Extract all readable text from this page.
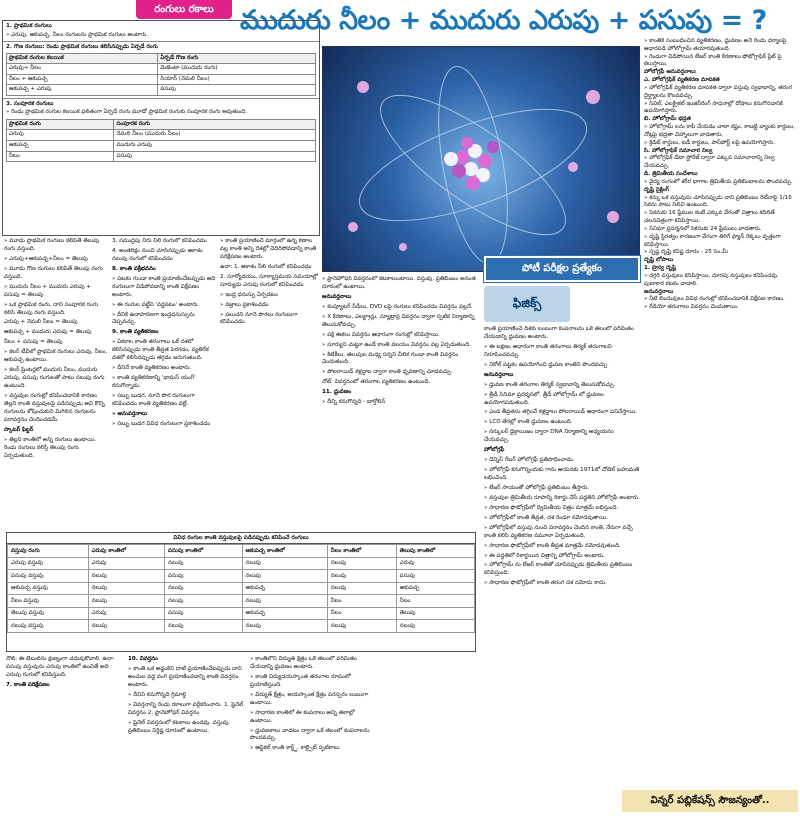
రంగులు రకాలు ముదురు నీలం + ముదురు ఎరుపు + పసుపు = ?
1. ప్రాథమిక రంగులు
» ఎరుపు, ఆకుపచ్చ, నీలం రంగులను ప్రాథమిక రంగులు అంటారు.
2. గౌణ రంగులు: రెండు ప్రాథమిక రంగులు కలిసినప్పుడు ఏర్పడే రంగు
ప్రాథమిక రంగుల కలయిక	ఏర్పడే గౌణ రంగు
ఎరుపు+ నీలం	మెజెంటా (ముదురు రంగు)
నీలం + ఆకుపచ్చ	సియాన్ (నెమలి నీలం)
ఆకుపచ్చ + ఎరుపు	పసుపు
3. సంపూరక రంగులు
» రెండు ప్రాథమిక రంగుల కలయిక ఫలితంగా ఏర్పడే రంగు మూడో ప్రాథమిక రంగుకు సంపూరక రంగు అవుతుంది.
ప్రాథమిక రంగు	సంపూరక రంగు
ఎరుపు	నెమలి నీలం (ముదురు నీలం)
ఆకుపచ్చ	ముదురు ఎరుపు
నీలం	పసుపు
పోటీ పరీక్షల ప్రత్యేకం
ఫిజిక్స్

» మూడు ప్రాథమిక రంగులు కలిపితే తెలుపు రంగు వస్తుంది.

» ఎరుపు+ఆకుపచ్చ+నీలం = తెలుపు

» మూడు గౌణ రంగులు కలిపితే తెలుపు రంగు వస్తుంది.

» ముదురు నీలం + ముదురు ఎరుపు + పసుపు = తెలుపు

» ఒక ప్రాథమిక రంగు, దాని సంపూరక రంగు కలిసి తెలుపు రంగు వస్తుంది.

ఎరుపు + నెమలి నీలం = తెలుపు

ఆకుపచ్చ + ముదురు ఎరుపు = తెలుపు

నీలం + పసుపు = తెలుపు

» కలర్ టీవీలో ప్రాథమిక రంగులు ఎరుపు, నీలం, ఆకుపచ్చ ఉంటాయి.

» కలర్ ప్రింటర్లలో ముదురు నీలం, ముదురు ఎరుపు, పసుపు రంగులతో పాటు నలుపు రంగు ఉంటుంది.

» వస్తువుల రంగుల్లో కనిపించడానికి కారణం తెల్లని కాంతి వస్తువులపై పడినప్పుడు అవి కొన్ని రంగులను శోషించుకుని మిగిలిన రంగులను పరావర్తనం చెందించడమే.

స్కాటర్ ఫిల్టర్

» తెల్లని కాంతిలో అన్ని రంగులు ఉంటాయి. రెండు రంగులు కలిస్తే తెలుపు రంగు ఏర్పడుతుంది.

3. సముద్రపు నీరు నీలి రంగులో కనిపించడం

4. అంతరిక్షం నుంచి చూసినప్పుడు ఆకాశం నలుపు రంగులో కనిపించడం

8. కాంతి వక్రీభవనం

» పటకం గుండా కాంతి ప్రయాణించేటప్పుడు అది రంగులుగా విడిపోవడాన్ని కాంతి విక్షేపణం అంటారు.

» ఈ రంగుల పట్టీని 'వర్ణపటం' అంటారు.

» దీనికి ఉదాహరణగా ఇంద్రధనుస్సును చెప్పవచ్చు.

9. కాంతి వ్యతికరణం

» ఏకకాల కాంతి తరంగాలు ఒకే దశలో కలిసినప్పుడు కాంతి తీవ్రత పెరగడం, వ్యతిరేక దశలో కలిసినప్పుడు తగ్గడం జరుగుతుంది.

» దీనినే కాంతి వ్యతికరణం అంటారు.

» కాంతి వ్యతికరణాన్ని 'థామస్ యంగ్' కనుగొన్నాడు.

» సబ్బు బుడగ, నూనె పొర రంగులుగా కనిపించడం కాంతి వ్యతికరణం వల్లే.

» అనువర్తనాలు

» సబ్బు బుడగ వివిధ రంగులుగా ప్రకాశించడం

» కాంతి ప్రయాణించే మార్గంలో ఉన్న కణాల వల్ల కాంతి అన్ని దిశల్లో చెదిరిపోవడాన్ని కాంతి పరిక్షేపణం అంటారు.

ఉదా: 1. ఆకాశం నీలి రంగులో కనిపించడం

2. సూర్యోదయం, సూర్యాస్తమయ సమయాల్లో సూర్యుడు ఎరుపు రంగులో కనిపించడం

» ఇంద్ర ధనుస్సు ఏర్పడటం

» వజ్రాలు ప్రకాశించడం

» పలుచని నూనె పొరలు రంగులుగా కనిపించడం

» ఫ్రానెహోఫర్ వివర్తనంలో కటకాలుంటాయి. వస్తువు, ప్రతిబింబం అనంత దూరంలో ఉంటాయి.

అనువర్తనాలు

» కంప్యూటర్ సీడీలు, DVD లపై రంగులు కనిపించడం వివర్తనం వల్లనే.

» X కిరణాలు, ఎలక్ట్రాన్లు, న్యూట్రాన్ల వివర్తనం ద్వారా స్ఫటిక నిర్మాణాన్ని తెలుసుకోవచ్చు.

» పక్షి ఈకలు వివర్తనం ఆధారంగా రంగుల్లో కనిపిస్తాయి.

» సూర్యుని చుట్టూ ఉండే కాంతి వలయం వివర్తనం వల్ల ఏర్పడుతుంది.

» కిటికీలు, తలుపుల మధ్య సన్నని చీలిక గుండా కాంతి వివర్తనం చెందుతుంది.

» పోలరాయిడ్ కళ్లద్దాల ద్వారా కాంతి ధృవణాన్ని చూడవచ్చు.

నోట్: వివర్తనంలో తరంగాల వ్యతికరణం ఉంటుంది.

11. ధ్రువణం

» దీన్ని కనుగొన్నది - బార్తోలిన్

కాంతి ప్రయాణించే దిశకు లంబంగా కంపనాలను ఒకే తలంలో పరిమితం చేయడాన్ని ధ్రువణం అంటారు.

» ఈ లక్షణం ఆధారంగా కాంతి తరంగాలు తిర్యక్ తరంగాలని నిరూపించవచ్చు.

» నికోల్ పట్టకం ఉపయోగించి ధ్రువణ కాంతిని పొందవచ్చు.

అనువర్తనాలు

» ధ్రువణ కాంతి తరంగాల తిర్యక్ స్వభావాన్ని తెలుసుకోవచ్చు.

» త్రీడీ సినిమా ప్రదర్శనలో, త్రీడీ హోలోగ్రామ్ లో ధ్రువణం ఉపయోగపడుతుంది.

» ఎండ తీవ్రతను తగ్గించే కళ్లద్దాలు పోలరాయిడ్ ఆధారంగా పనిచేస్తాయి.

» LCD తెరల్లో కాంతి ధ్రువణం ఉంటుంది.

» సర్కులర్ డైక్రాయిజం ద్వారా DNA నిర్మాణాన్ని అధ్యయనం చేయవచ్చు.

హోలోగ్రఫీ

» డెన్నిస్ గేబర్ హోలోగ్రఫీ ప్రతిపాదించాడు.

» హోలోగ్రఫీ కనుగొన్నందుకు గాను ఆయనకు 1971లో నోబెల్ బహుమతి లభించింది.

» లేజర్ సాయంతో హోలోగ్రఫీ ప్రతిబింబం తీస్తారు.

» వస్తువుల త్రిమితీయ రూపాన్ని రికార్డు చేసే పద్ధతిని హోలోగ్రఫీ అంటారు.

» సాధారణ ఫొటోగ్రఫీలో ద్విమితీయ చిత్రం మాత్రమే లభిస్తుంది.

» హోలోగ్రఫీలో కాంతి తీవ్రత, దశ రెండూ నమోదవుతాయి.

» హోలోగ్రఫీలో వస్తువు నుంచి పరావర్తనం చెందిన కాంతి, నేరుగా వచ్చే కాంతి కలిసి వ్యతికరణ నమూనా ఏర్పడుతుంది.

» సాధారణ ఫొటోగ్రఫీలో కాంతి తీవ్రత మాత్రమే నమోదవుతుంది.

» ఈ పద్ధతిలో రికార్డయిన చిత్రాన్ని హోలోగ్రామ్ అంటారు.

» హోలోగ్రామ్ ను లేజర్ కాంతితో చూసినప్పుడు త్రిమితీయ ప్రతిబింబం కనిపిస్తుంది.

» సాధారణ ఫొటోగ్రఫీలో కాంతి తరంగ దశ నమోదు కాదు.

» కాంతికి సంబంధించిన వ్యతికరణం, ధ్రువణం అనే రెండు ధర్మాలపై ఆధారపడి హోలోగ్రామ్ తయారవుతుంది.

» రెండుగా విడిపోయిన లేజర్ కాంతి కిరణాలు ఫోటోగ్రాఫిక్ ప్లేట్ పై కలుస్తాయి.

హోలోగ్రఫీ అనువర్తనాలు

ఎ. హోలోగ్రఫిక్ వ్యతికరణ మాపకత

» హోలోగ్రఫిక్ వ్యతికరణ మాపకత ద్వారా వస్తువు స్వభావాన్ని, తరంగ దైర్ఘ్యాలను కొలవవచ్చు.

» సివిల్, ఎలక్ట్రికల్ ఇంజినీరింగ్ సాధనాల్లో దోషాలు కనుగొనడానికి ఉపయోగిస్తారు.

బి. హోలోగ్రామ్ భద్రత

» హోలోగ్రామ్ లను కాపీ చేయడం చాలా కష్టం. కాబట్టి బ్యాంకు కార్డులు, నోట్లపై భద్రతా చిహ్నాలుగా వాడతారు.

» క్రెడిట్ కార్డులు, ఐడీ కార్డులు, పాస్‌పోర్ట్ లపై ఉపయోగిస్తారు.

సి. హోలోగ్రాఫిక్ సమాచార నిల్వ

» హోలోగ్రఫిక్ డేటా స్టోరేజ్ ద్వారా ఎక్కువ సమాచారాన్ని నిల్వ చేయవచ్చు.

డి. త్రిమితీయ సందేశాలు

» వైద్య రంగంలో శరీర భాగాల త్రిమితీయ ప్రతిబింబాలను పొందవచ్చు.

దృష్టి సైక్లింగ్

» కన్ను ఒక వస్తువును చూసినప్పుడు దాని ప్రతిబింబం రెటీనాపై 1/16 సెకను పాటు నిలిచి ఉంటుంది.

» సెకనుకు 16 ఫ్రేముల కంటే ఎక్కువ వేగంతో చిత్రాలు కదిలితే చలనచిత్రంగా కనిపిస్తాయి.

» సినిమా ప్రదర్శనలో సెకనుకు 24 ఫ్రేములు వాడతారు.

» దృష్టి స్థిరత్వం కారణంగా వేగంగా తిరిగే ఫ్యాన్ రెక్కలు వృత్తంగా కనిపిస్తాయి.

» స్పష్ట దృష్టి కనిష్ట దూరం - 25 సెం.మీ

దృష్టి లోపాలు

1. హ్రస్వ దృష్టి

» దగ్గరి వస్తువులు కనిపిస్తాయి, దూరపు వస్తువులు కనిపించవు. పుటాకార కటకం వాడాలి.

అనువర్తనాలు

» నీటి బిందువులు వివిధ రంగుల్లో కనిపించడానికి విక్షేపణ కారణం.

» రేడియో తరంగాలు వివర్తనం చెందుతాయి.

వివిధ రంగుల కాంతి వస్తువులపై పడినప్పుడు కనిపించే రంగులు
వస్తువు రంగు	ఎరుపు కాంతిలో	పసుపు కాంతిలో	ఆకుపచ్చ కాంతిలో	నీలం కాంతిలో	తెలుపు కాంతిలో
ఎరుపు వస్తువు	ఎరుపు	నలుపు	నలుపు	నలుపు	ఎరుపు
పసుపు వస్తువు	నలుపు	పసుపు	నలుపు	నలుపు	పసుపు
ఆకుపచ్చ వస్తువు	నలుపు	నలుపు	ఆకుపచ్చ	నలుపు	ఆకుపచ్చ
నీలం వస్తువు	నలుపు	నలుపు	నలుపు	నీలం	నీలం
తెలుపు వస్తువు	ఎరుపు	పసుపు	ఆకుపచ్చ	నీలం	తెలుపు
నలుపు వస్తువు	నలుపు	నలుపు	నలుపు	నలుపు	నలుపు

నోట్: ఈ టేబుల్‌ను క్షుణ్నంగా చదువుకోవాలి. ఉదా: పసుపు వస్తువును ఎరుపు కాంతిలో ఉంచితే అది ఎరుపు రంగులో కనిపిస్తుంది.

7. కాంతి పరిక్షేపణం

10. వివర్తనం

» కాంతి ఒక అడ్డంకిని దాటి ప్రయాణించేటప్పుడు దాని అంచుల వద్ద వంగి ప్రయాణించడాన్ని కాంతి వివర్తనం అంటారు.

» దీనిని కనుగొన్నది గ్రిమాల్డి

» వివర్తనాన్ని రెండు రకాలుగా వర్గీకరించారు. 1. ఫ్రెనెల్ వివర్తనం 2. ఫ్రానెహోఫర్ వివర్తనం

» ఫ్రెనెల్ వివర్తనంలో కటకాలు ఉండవు. వస్తువు, ప్రతిబింబం నిర్దిష్ట దూరంలో ఉంటాయి.

» కాంతిలోని విద్యుత్ క్షేత్రం ఒకే తలంలో పరిమితం చేయడాన్ని ధ్రువణం అంటారు.

» కాంతి విద్యుదయస్కాంత తరంగాల రూపంలో ప్రయాణిస్తుంది.

» విద్యుత్ క్షేత్రం, అయస్కాంత క్షేత్రం పరస్పరం లంబంగా ఉంటాయి.

» సాధారణ కాంతిలో ఈ కంపనాలు అన్ని తలాల్లో ఉంటాయి.

» ధ్రువణకాలు వాడటం ద్వారా ఒకే తలంలో కంపనాలను పొందవచ్చు.

» ఆప్టికల్ కాంతి కార్ట్జ్, కాల్సైట్ స్ఫటికాలు

విన్నర్ పబ్లికేషన్స్ సౌజన్యంతో..
